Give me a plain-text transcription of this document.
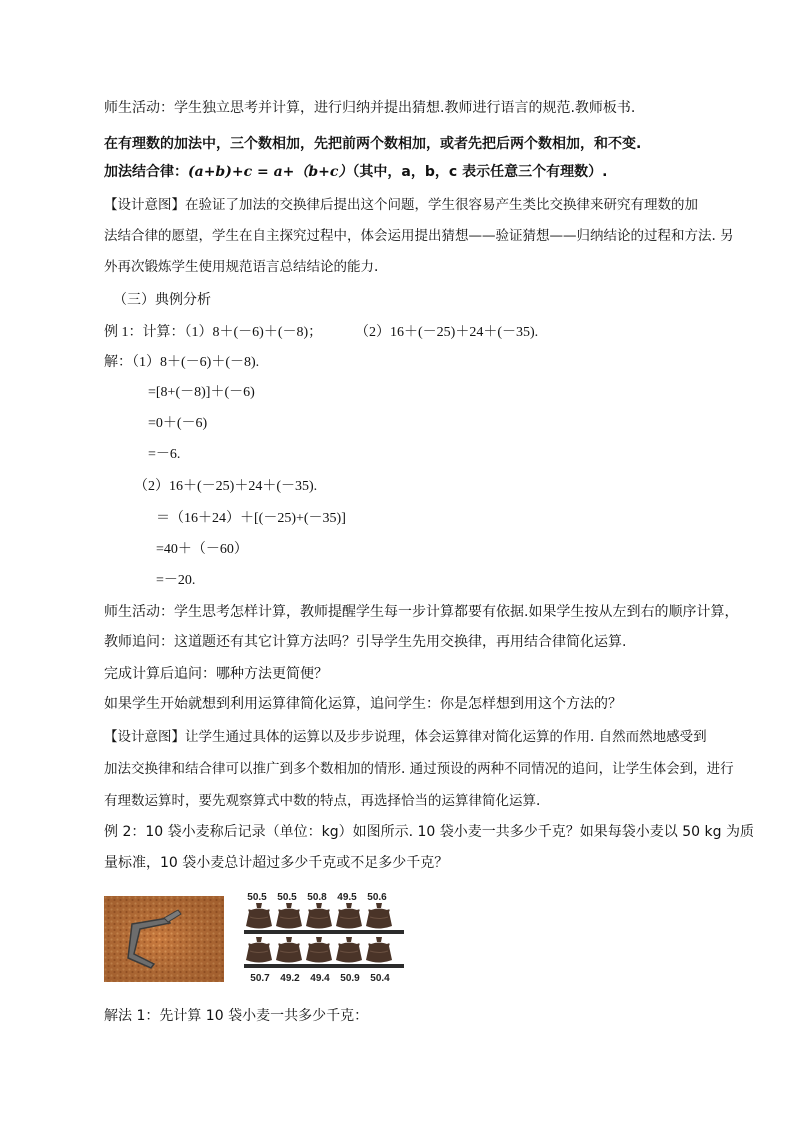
师生活动：学生独立思考并计算，进行归纳并提出猜想.教师进行语言的规范.教师板书.
在有理数的加法中，三个数相加，先把前两个数相加，或者先把后两个数相加，和不变.
加法结合律：(a+b)+c = a+（b+c）（其中，a，b，c 表示任意三个有理数）.
【设计意图】在验证了加法的交换律后提出这个问题，学生很容易产生类比交换律来研究有理数的加
法结合律的愿望，学生在自主探究过程中，体会运用提出猜想——验证猜想——归纳结论的过程和方法. 另
外再次锻炼学生使用规范语言总结结论的能力.
（三）典例分析
例 1：计算：（1）8＋(－6)＋(－8)； （2）16＋(－25)＋24＋(－35).
解：（1）8＋(－6)＋(－8).
=[8+(－8)]＋(－6)
=0＋(－6)
=－6.
（2）16＋(－25)＋24＋(－35).
＝（16＋24）＋[(－25)+(－35)]
=40＋（－60）
=－20.
师生活动：学生思考怎样计算，教师提醒学生每一步计算都要有依据.如果学生按从左到右的顺序计算，
教师追问：这道题还有其它计算方法吗？引导学生先用交换律，再用结合律简化运算.
完成计算后追问：哪种方法更简便？
如果学生开始就想到利用运算律简化运算，追问学生：你是怎样想到用这个方法的？
【设计意图】让学生通过具体的运算以及步步说理，体会运算律对简化运算的作用. 自然而然地感受到
加法交换律和结合律可以推广到多个数相加的情形. 通过预设的两种不同情况的追问，让学生体会到，进行
有理数运算时，要先观察算式中数的特点，再选择恰当的运算律简化运算.
例 2：10 袋小麦称后记录（单位：kg）如图所示. 10 袋小麦一共多少千克？如果每袋小麦以 50 kg 为质
量标准，10 袋小麦总计超过多少千克或不足多少千克？
50.5 50.5 50.8 49.5 50.6
50.7 49.2 49.4 50.9 50.4
解法 1：先计算 10 袋小麦一共多少千克：
